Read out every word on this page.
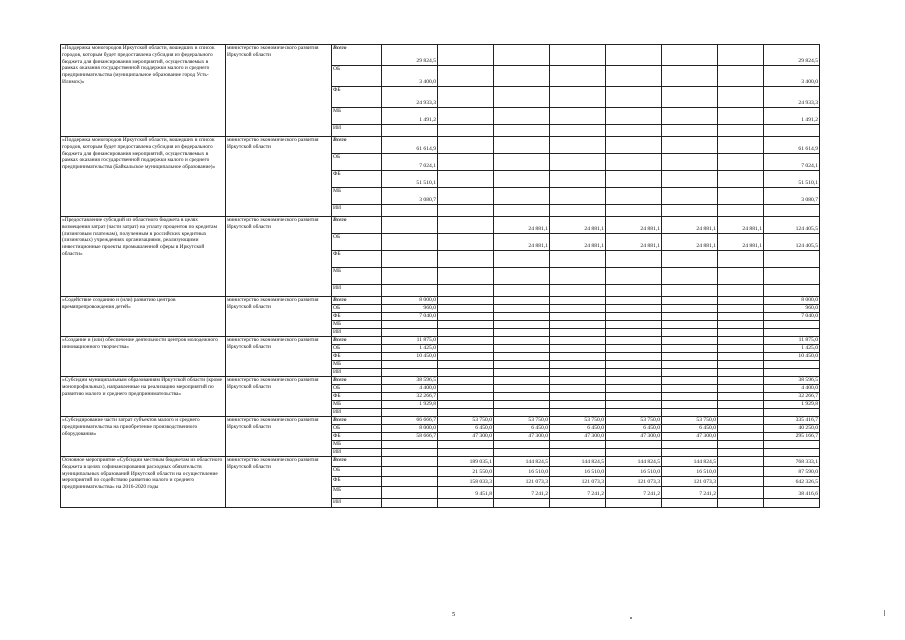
«Поддержка моногородов Иркутской области, вошедших в список городов, которым будет предоставлена субсидия из федерального бюджета для финансирования мероприятий, осуществляемых в рамках оказания государственной поддержки малого и среднего предпринимательства (муниципальное образование город Усть-Илимск)»	министерство экономического развития Иркутской области	Всего	29 824,5							29 824,5
		ОБ	3 400,0							3 400,0
		ФБ	24 933,3							24 933,3
		МБ	1 491,2							1 491,2
		ИИ								
«Поддержка моногородов Иркутской области, вошедших в список городов, которым будет предоставлена субсидия из федерального бюджета для финансирования мероприятий, осуществляемых в рамках оказания государственной поддержки малого и среднего предпринимательства (Байкальское муниципальное образование)»	министерство экономического развития Иркутской области	Всего	61 614,9							61 614,9
		ОБ	7 024,1							7 024,1
		ФБ	51 510,1							51 510,1
		МБ	3 080,7							3 080,7
		ИИ								
«Предоставление субсидий из областного бюджета в целях возмещения затрат (части затрат) на уплату процентов по кредитам (лизинговым платежам), полученным в российских кредитных (лизинговых) учреждениях организациями, реализующими инвестиционные проекты промышленной сферы в Иркутской области»	министерство экономического развития Иркутской области	Всего			24 881,1	24 881,1	24 881,1	24 881,1	24 881,1	124 405,5
		ОБ			24 881,1	24 881,1	24 881,1	24 881,1	24 881,1	124 405,5
		ФБ								
		МБ								
		ИИ								
«Содействие созданию и (или) развитию центров времяпрепровождения детей»	министерство экономического развития Иркутской области	Всего	8 000,0							8 000,0
		ОБ	960,0							960,0
		ФБ	7 040,0							7 040,0
		МБ								
		ИИ								
«Создание и (или) обеспечение деятельности центров молодежного инновационного творчества»	министерство экономического развития Иркутской области	Всего	11 875,0							11 875,0
		ОБ	1 425,0							1 425,0
		ФБ	10 450,0							10 450,0
		МБ								
		ИИ								
«Субсидии муниципальным образованиям Иркутской области (кроме монопрофильных), направленные на реализацию мероприятий по развитию малого и среднего предпринимательства»	министерство экономического развития Иркутской области	Всего	38 596,5							38 596,5
		ОБ	4 400,0							4 400,0
		ФБ	32 266,7							32 266,7
		МБ	1 929,8							1 929,8
		ИИ								
«Субсидирование части затрат субъектов малого и среднего предпринимательства на приобретение производственного оборудования»	министерство экономического развития Иркутской области	Всего	66 666,7	53 750,0	53 750,0	53 750,0	53 750,0	53 750,0		335 416,7
		ОБ	8 000,0	6 450,0	6 450,0	6 450,0	6 450,0	6 450,0		40 250,0
		ФБ	58 666,7	47 300,0	47 300,0	47 300,0	47 300,0	47 300,0		295 166,7
		МБ								
		ИИ								
Основное мероприятие «Субсидии местным бюджетам из областного бюджета в целях софинансирования расходных обязательств муниципальных образований Иркутской области на осуществление мероприятий по содействию развитию малого и среднего предпринимательства» на 2016-2020 годы	министерство экономического развития Иркутской области	Всего		189 035,1	144 824,5	144 824,5	144 824,5	144 824,5		768 333,1
		ОБ		21 550,0	16 510,0	16 510,0	16 510,0	16 510,0		87 590,0
		ФБ		158 033,3	121 073,3	121 073,3	121 073,3	121 073,3		642 326,5
		МБ		9 451,8	7 241,2	7 241,2	7 241,2	7 241,2		38 416,6
		ИИ								
5
